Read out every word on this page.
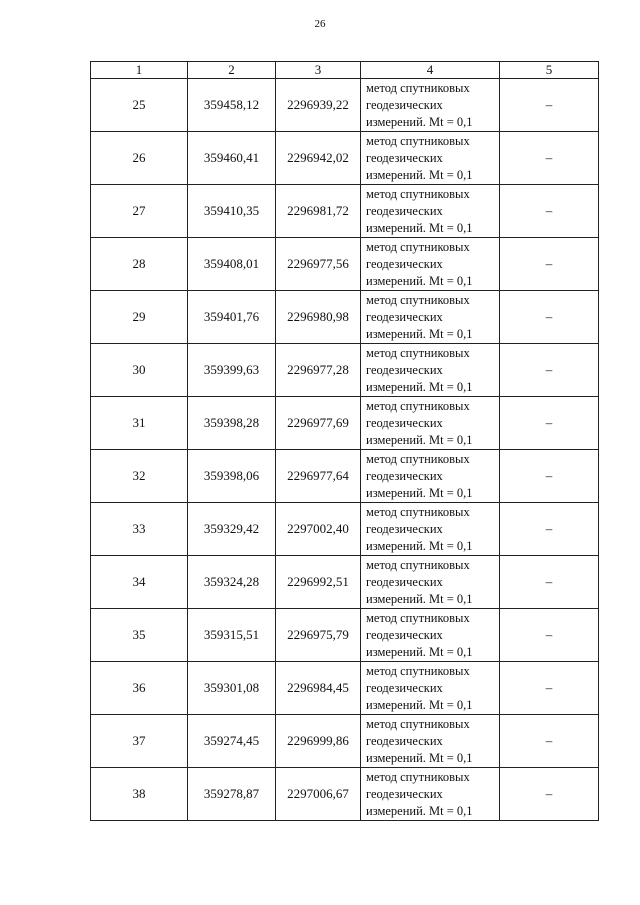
26
1	2	3	4	5
25	359458,12	2296939,22	метод спутниковых
геодезических
измерений. Mt = 0,1	–
26	359460,41	2296942,02	метод спутниковых
геодезических
измерений. Mt = 0,1	–
27	359410,35	2296981,72	метод спутниковых
геодезических
измерений. Mt = 0,1	–
28	359408,01	2296977,56	метод спутниковых
геодезических
измерений. Mt = 0,1	–
29	359401,76	2296980,98	метод спутниковых
геодезических
измерений. Mt = 0,1	–
30	359399,63	2296977,28	метод спутниковых
геодезических
измерений. Mt = 0,1	–
31	359398,28	2296977,69	метод спутниковых
геодезических
измерений. Mt = 0,1	–
32	359398,06	2296977,64	метод спутниковых
геодезических
измерений. Mt = 0,1	–
33	359329,42	2297002,40	метод спутниковых
геодезических
измерений. Mt = 0,1	–
34	359324,28	2296992,51	метод спутниковых
геодезических
измерений. Mt = 0,1	–
35	359315,51	2296975,79	метод спутниковых
геодезических
измерений. Mt = 0,1	–
36	359301,08	2296984,45	метод спутниковых
геодезических
измерений. Mt = 0,1	–
37	359274,45	2296999,86	метод спутниковых
геодезических
измерений. Mt = 0,1	–
38	359278,87	2297006,67	метод спутниковых
геодезических
измерений. Mt = 0,1	–
